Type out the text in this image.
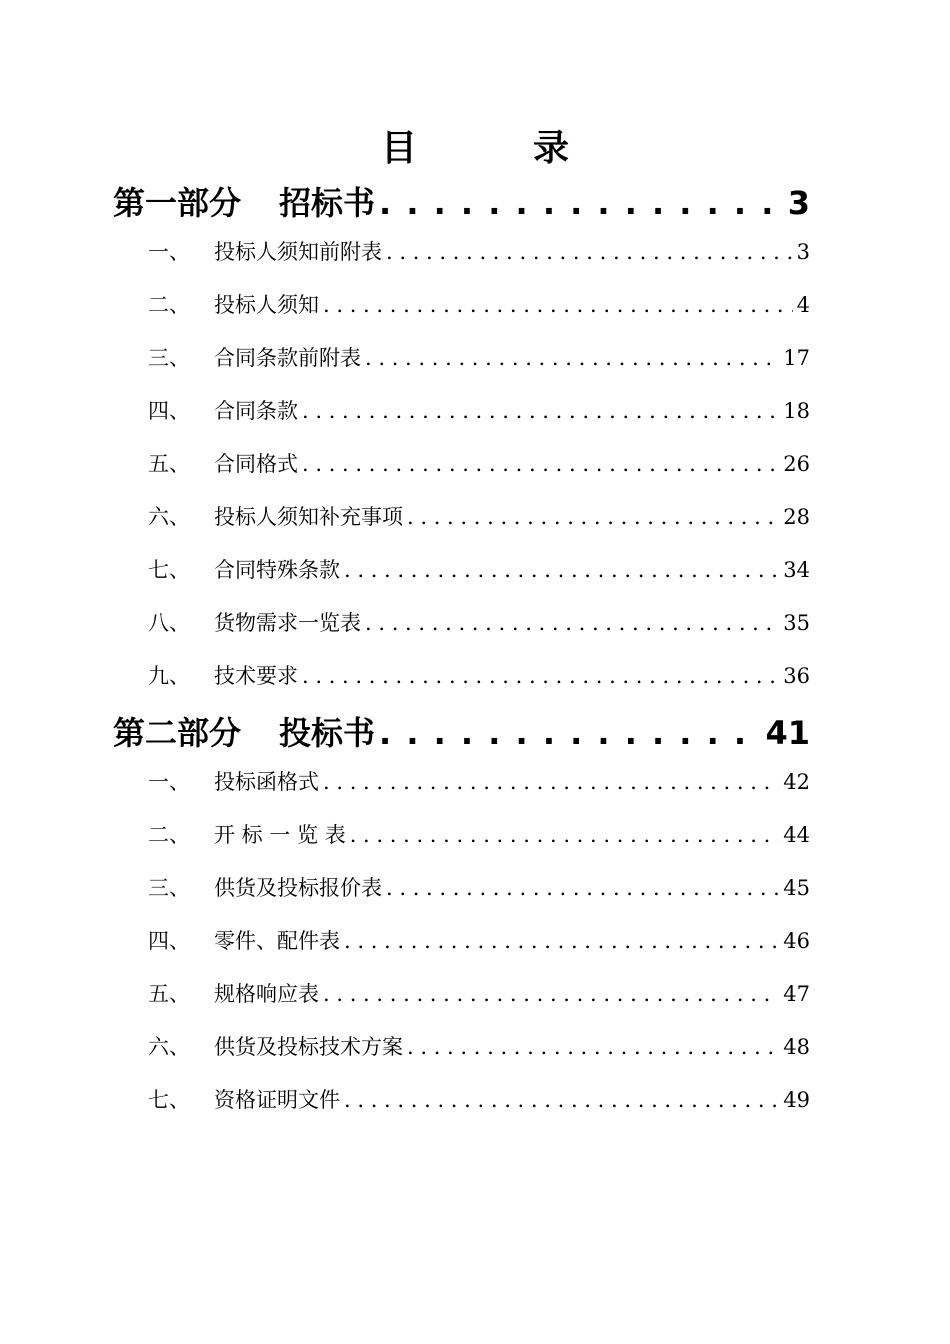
目　录
第一部分 招标书 . . .	3
一、	投标人须知前附表 . . .	3
二、	投标人须知 . . .	4
三、	合同条款前附表 . . .	17
四、	合同条款 . . .	18
五、	合同格式 . . .	26
六、	投标人须知补充事项 . . .	28
七、	合同特殊条款 . . .	34
八、	货物需求一览表 . . .	35
九、	技术要求 . . .	36
第二部分 投标书 . . .	41
一、	投标函格式 . . .	42
二、	开 标 一 览 表 . . .	44
三、	供货及投标报价表 . . .	45
四、	零件、配件表 . . .	46
五、	规格响应表 . . .	47
六、	供货及投标技术方案 . . .	48
七、	资格证明文件 . . .	49
